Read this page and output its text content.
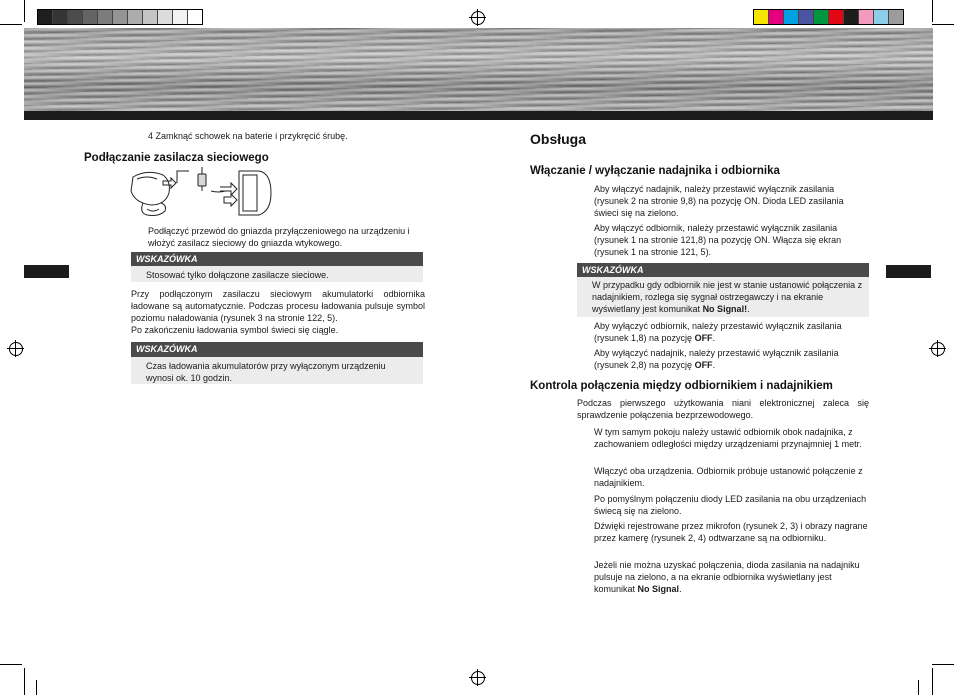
4 Zamknąć schowek na baterie i przykręcić śrubę.

Podłączanie zasilacza sieciowego

Podłączyć przewód do gniazda przyłączeniowego na urządzeniu i włożyć zasilacz sieciowy do gniazda wtykowego.

WSKAZÓWKA
Stosować tylko dołączone zasilacze sieciowe.

Przy podłączonym zasilaczu sieciowym akumulatorki odbiornika ładowane są automatycznie. Podczas procesu ładowania pulsuje symbol poziomu naładowania (rysunek 3 na stronie 122, 5).

Po zakończeniu ładowania symbol świeci się ciągle.

WSKAZÓWKA
Czas ładowania akumulatorów przy wyłączonym urządzeniu wynosi ok. 10 godzin.
Obsługa
Włączanie / wyłączanie nadajnika i odbiornika

Aby włączyć nadajnik, należy przestawić wyłącznik zasilania (rysunek 2 na stronie 9,8) na pozycję ON. Dioda LED zasilania świeci się na zielono.

Aby włączyć odbiornik, należy przestawić wyłącznik zasilania (rysunek 1 na stronie 121,8) na pozycję ON. Włącza się ekran (rysunek 1 na stronie 121, 5).

WSKAZÓWKA
W przypadku gdy odbiornik nie jest w stanie ustanowić połączenia z nadajnikiem, rozlega się sygnał ostrzegawczy i na ekranie wyświetlany jest komunikat No Signal!.

Aby wyłączyć odbiornik, należy przestawić wyłącznik zasilania (rysunek 1,8) na pozycję OFF.

Aby wyłączyć nadajnik, należy przestawić wyłącznik zasilania (rysunek 2,8) na pozycję OFF.

Kontrola połączenia między odbiornikiem i nadajnikiem

Podczas pierwszego użytkowania niani elektronicznej zaleca się sprawdzenie połączenia bezprzewodowego.

W tym samym pokoju należy ustawić odbiornik obok nadajnika, z zachowaniem odległości między urządzeniami przynajmniej 1 metr.

Włączyć oba urządzenia. Odbiornik próbuje ustanowić połączenie z nadajnikiem.

Po pomyślnym połączeniu diody LED zasilania na obu urządzeniach świecą się na zielono.

Dźwięki rejestrowane przez mikrofon (rysunek 2, 3) i obrazy nagrane przez kamerę (rysunek 2, 4) odtwarzane są na odbiorniku.

Jeżeli nie można uzyskać połączenia, dioda zasilania na nadajniku pulsuje na zielono, a na ekranie odbiornika wyświetlany jest komunikat No Signal.
